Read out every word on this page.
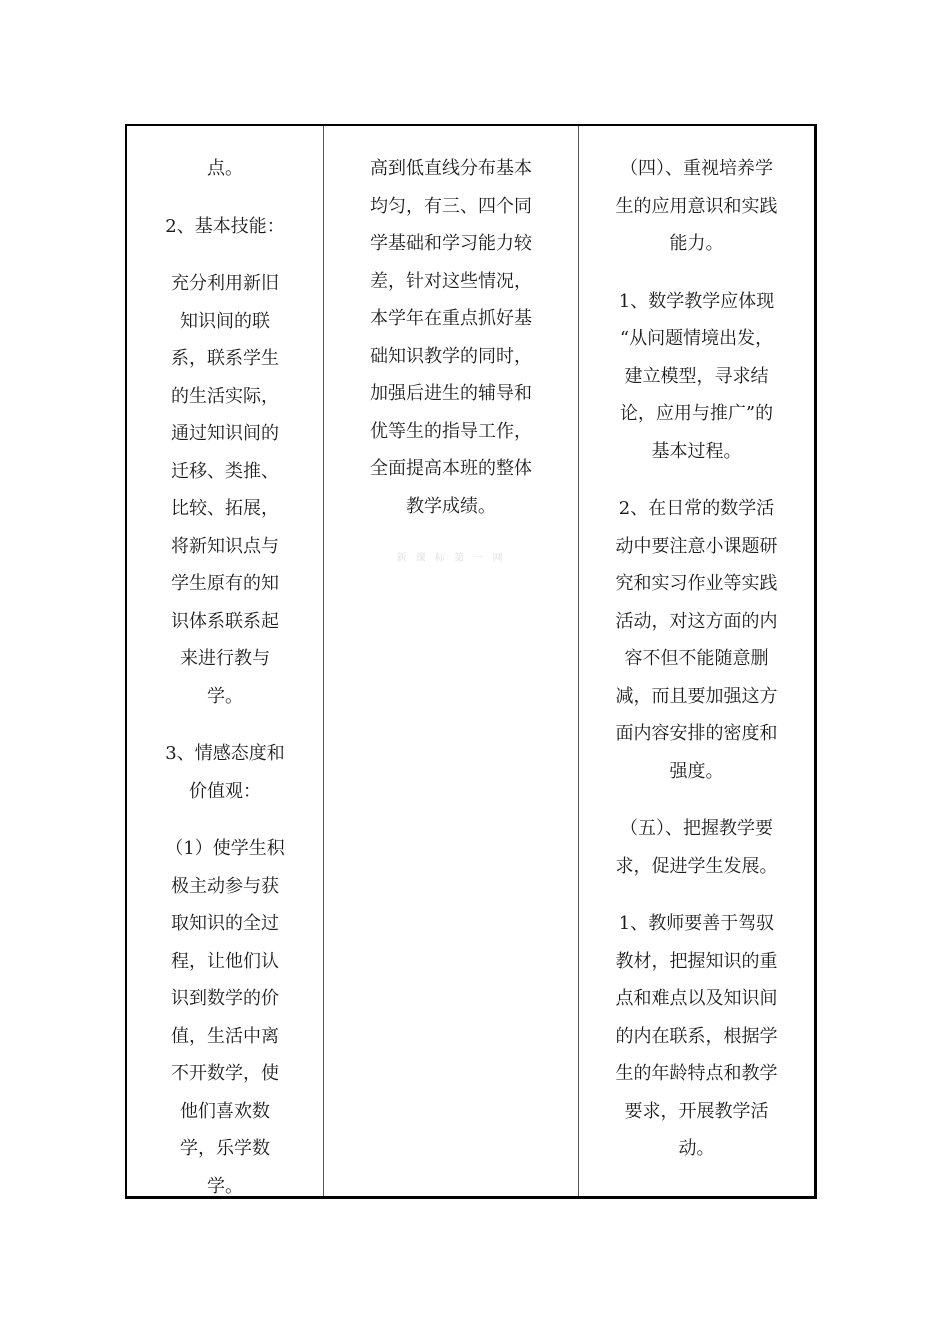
点。

2、基本技能：

充分利用新旧
知识间的联
系，联系学生
的生活实际，
通过知识间的
迁移、类推、
比较、拓展，
将新知识点与
学生原有的知
识体系联系起
来进行教与
学。

3、情感态度和
价值观：

（1）使学生积
极主动参与获
取知识的全过
程，让他们认
识到数学的价
值，生活中离
不开数学，使
他们喜欢数
学，乐学数
学。

高到低直线分布基本
均匀，有三、四个同
学基础和学习能力较
差，针对这些情况，
本学年在重点抓好基
础知识教学的同时，
加强后进生的辅导和
优等生的指导工作，
全面提高本班的整体
教学成绩。

新 课 标 第 一 网

（四）、重视培养学
生的应用意识和实践
能力。

1、数学教学应体现
“从问题情境出发，
建立模型，寻求结
论，应用与推广”的
基本过程。

2、在日常的数学活
动中要注意小课题研
究和实习作业等实践
活动，对这方面的内
容不但不能随意删
减，而且要加强这方
面内容安排的密度和
强度。

（五）、把握教学要
求，促进学生发展。

1、教师要善于驾驭
教材，把握知识的重
点和难点以及知识间
的内在联系，根据学
生的年龄特点和教学
要求，开展教学活
动。
